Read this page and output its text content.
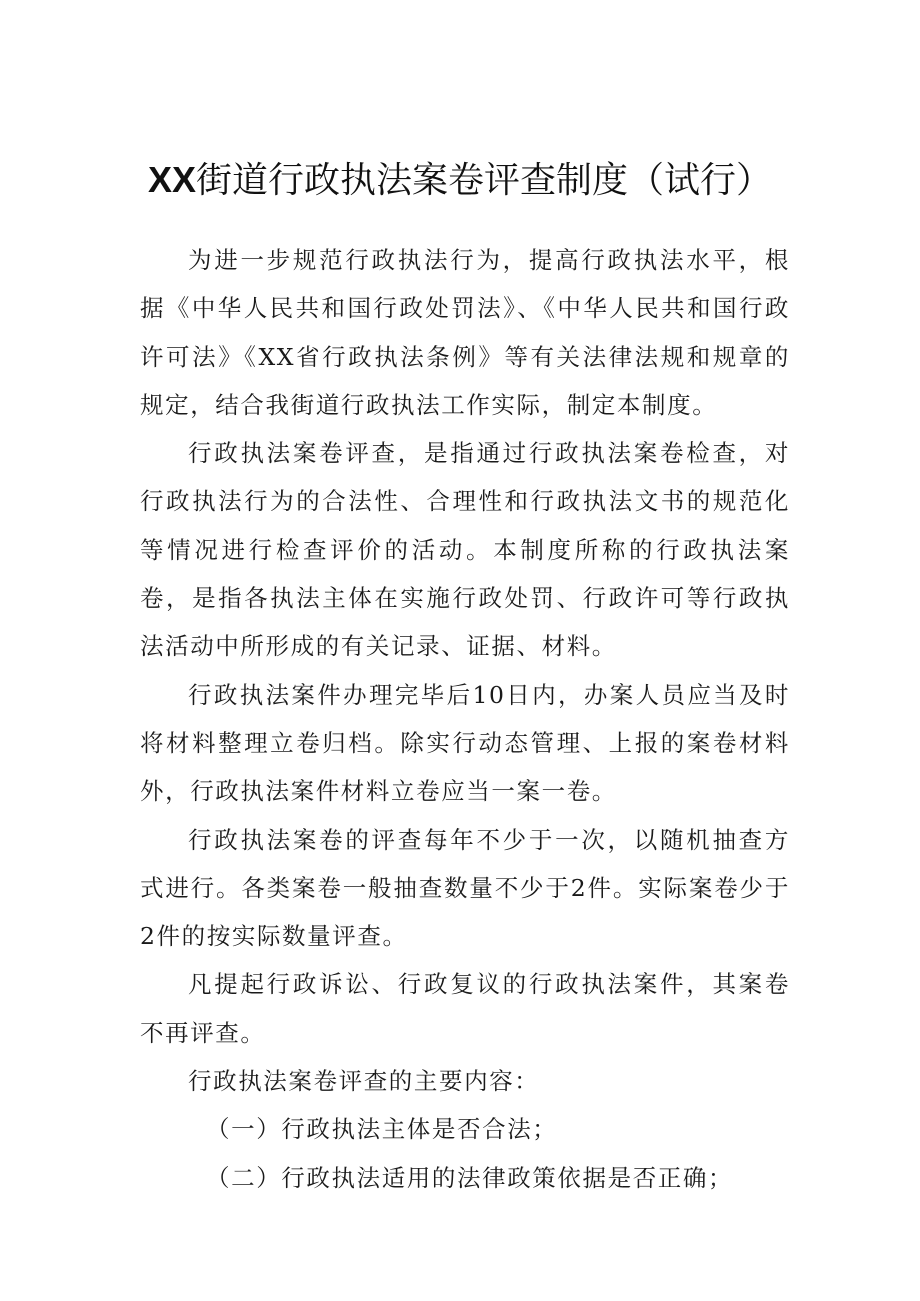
XX街道行政执法案卷评查制度（试行）

为进一步规范行政执法行为，提高行政执法水平，根据《中华人民共和国行政处罚法》、《中华人民共和国行政许可法》《XX省行政执法条例》等有关法律法规和规章的规定，结合我街道行政执法工作实际，制定本制度。

行政执法案卷评查，是指通过行政执法案卷检查，对行政执法行为的合法性、合理性和行政执法文书的规范化等情况进行检查评价的活动。本制度所称的行政执法案卷，是指各执法主体在实施行政处罚、行政许可等行政执法活动中所形成的有关记录、证据、材料。

行政执法案件办理完毕后10日内，办案人员应当及时将材料整理立卷归档。除实行动态管理、上报的案卷材料外，行政执法案件材料立卷应当一案一卷。

行政执法案卷的评查每年不少于一次，以随机抽查方式进行。各类案卷一般抽查数量不少于2件。实际案卷少于2件的按实际数量评查。

凡提起行政诉讼、行政复议的行政执法案件，其案卷不再评查。

行政执法案卷评查的主要内容：

（一）行政执法主体是否合法；

（二）行政执法适用的法律政策依据是否正确；
